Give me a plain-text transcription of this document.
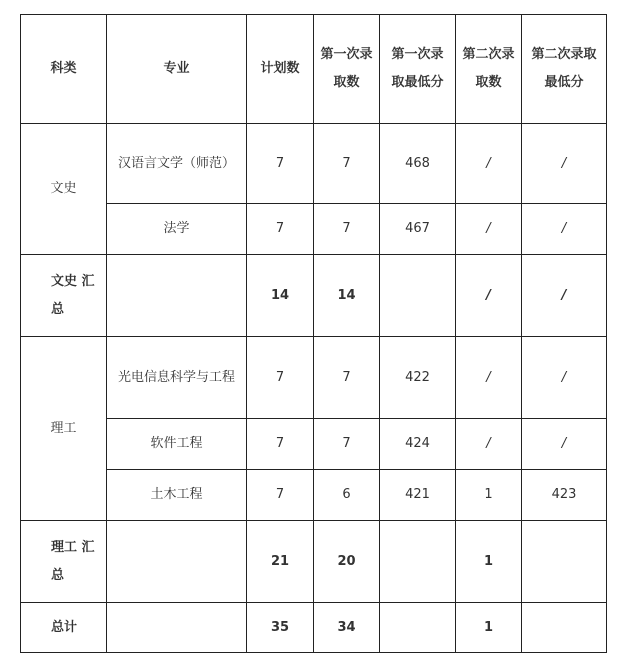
科类	专业	计划数	第一次录取数	第一次录取最低分	第二次录取数	第二次录取最低分
文史	汉语言文学（师范）	7	7	468	/	/
	法学	7	7	467	/	/
文史 汇总		14	14		/	/
理工	光电信息科学与工程	7	7	422	/	/
	软件工程	7	7	424	/	/
	土木工程	7	6	421	1	423
理工 汇总		21	20		1	
总计		35	34		1	
